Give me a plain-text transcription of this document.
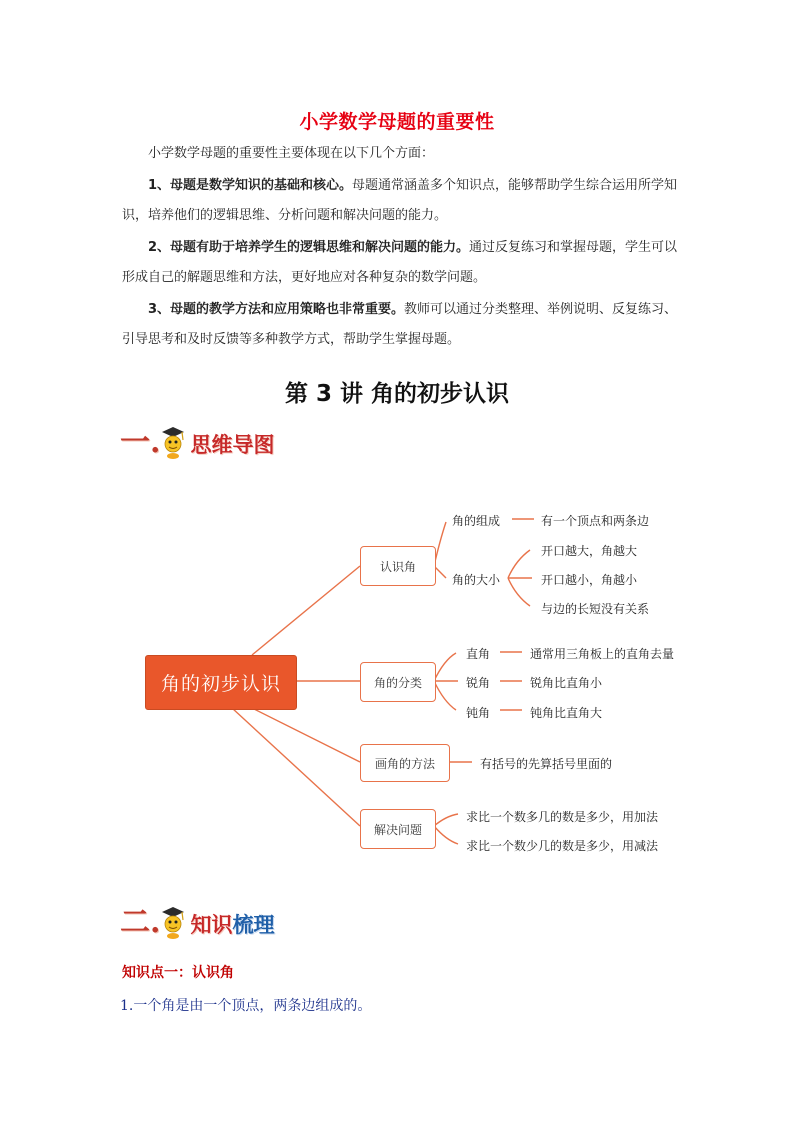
小学数学母题的重要性
小学数学母题的重要性主要体现在以下几个方面：
1、母题是数学知识的基础和核心。母题通常涵盖多个知识点，能够帮助学生综合运用所学知识，培养他们的逻辑思维、分析问题和解决问题的能力。
2、母题有助于培养学生的逻辑思维和解决问题的能力。通过反复练习和掌握母题，学生可以形成自己的解题思维和方法，更好地应对各种复杂的数学问题。
3、母题的教学方法和应用策略也非常重要。教师可以通过分类整理、举例说明、反复练习、引导思考和及时反馈等多种教学方式，帮助学生掌握母题。
第 3 讲 角的初步认识
一. 思维导图
角的初步认识
认识角
角的分类
画角的方法
解决问题
角的组成	有一个顶点和两条边
角的大小
开口越大，角越大
开口越小，角越小
与边的长短没有关系
直角	通常用三角板上的直角去量
锐角	锐角比直角小
钝角	钝角比直角大
有括号的先算括号里面的
求比一个数多几的数是多少，用加法
求比一个数少几的数是多少，用减法
二. 知识梳理
知识点一：认识角
1.一个角是由一个顶点，两条边组成的。
